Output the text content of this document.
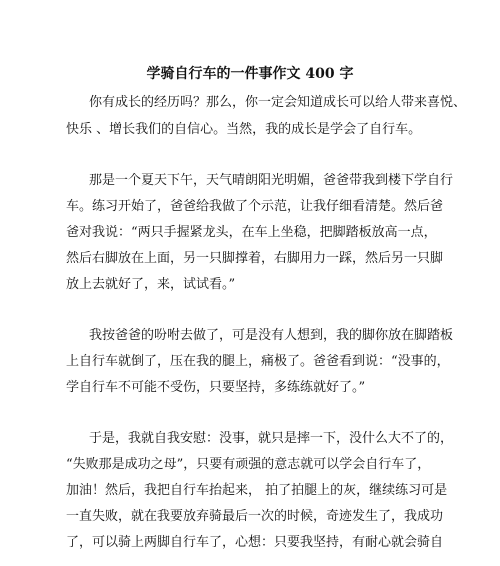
学骑自行车的一件事作文 400 字
你有成长的经历吗？那么，你一定会知道成长可以给人带来喜悦、
快乐 、增长我们的自信心。当然，我的成长是学会了自行车。
那是一个夏天下午，天气晴朗阳光明媚，爸爸带我到楼下学自行
车。练习开始了，爸爸给我做了个示范，让我仔细看清楚。然后爸
爸对我说：“两只手握紧龙头，在车上坐稳，把脚踏板放高一点，
然后右脚放在上面，另一只脚撑着，右脚用力一踩，然后另一只脚
放上去就好了，来，试试看。”
我按爸爸的吩咐去做了，可是没有人想到，我的脚你放在脚踏板
上自行车就倒了，压在我的腿上，痛极了。爸爸看到说：“没事的，
学自行车不可能不受伤，只要坚持，多练练就好了。”
于是，我就自我安慰：没事，就只是摔一下，没什么大不了的，
“失败那是成功之母”，只要有顽强的意志就可以学会自行车了，
加油！然后，我把自行车抬起来， 拍了拍腿上的灰，继续练习可是
一直失败，就在我要放弃骑最后一次的时候，奇迹发生了，我成功
了，可以骑上两脚自行车了，心想：只要我坚持，有耐心就会骑自
